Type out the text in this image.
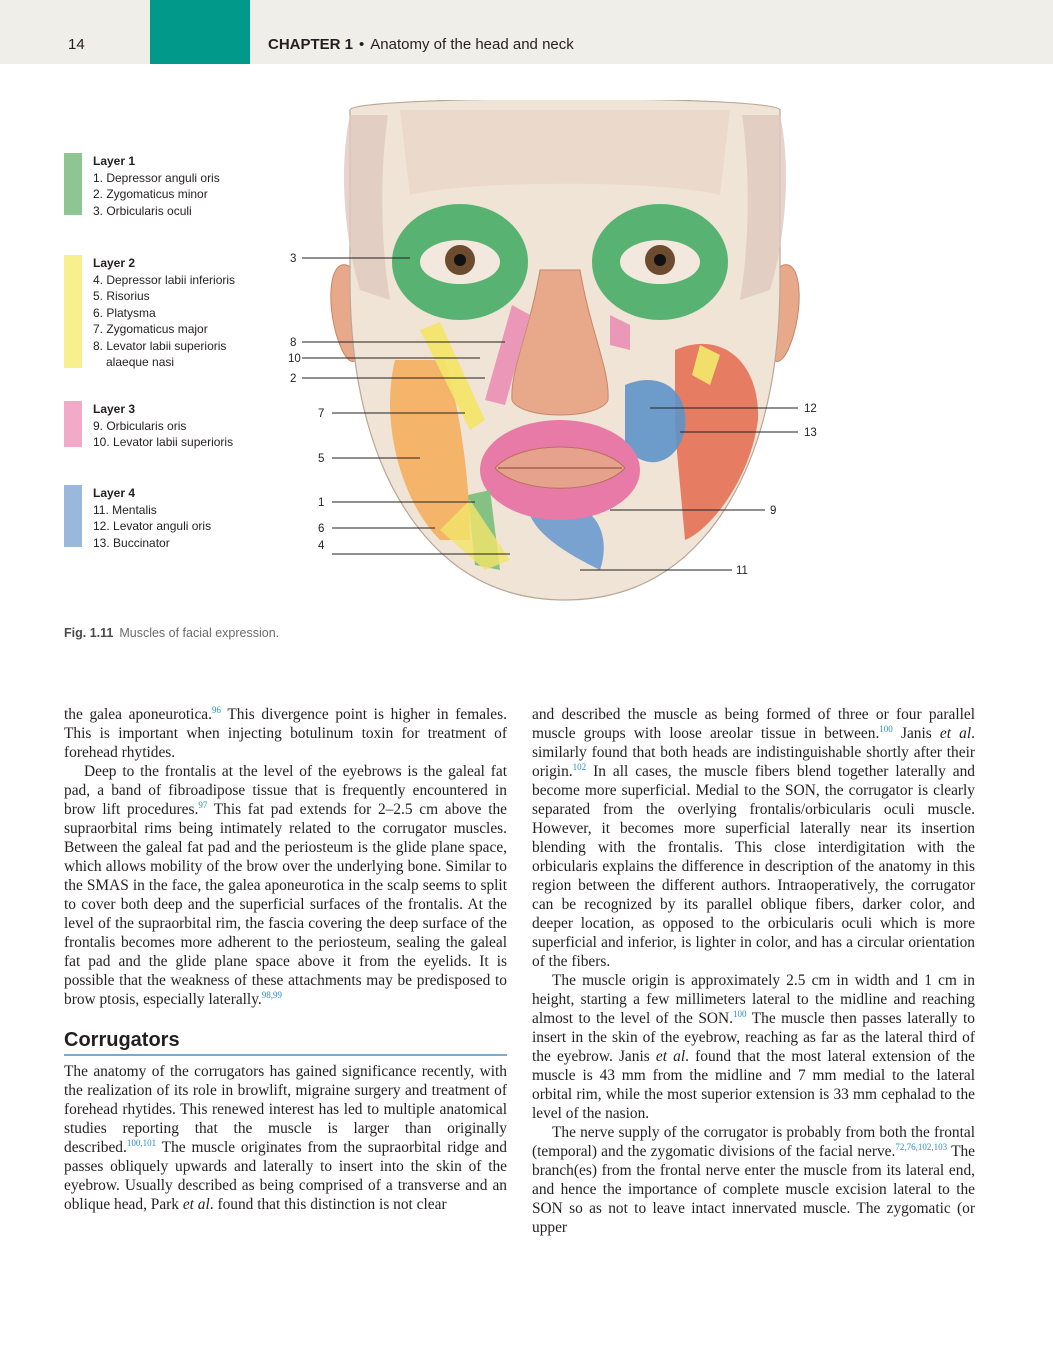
14	CHAPTER 1 • Anatomy of the head and neck
Layer 1
1. Depressor anguli oris
2. Zygomaticus minor
3. Orbicularis oculi
Layer 2
4. Depressor labii inferioris
5. Risorius
6. Platysma
7. Zygomaticus major
8. Levator labii superioris
alaeque nasi
Layer 3
9. Orbicularis oris
10. Levator labii superioris
Layer 4
11. Mentalis
12. Levator anguli oris
13. Buccinator
3
8
10
2
7
5
1
6
4
12
13
9
11
Fig. 1.11 Muscles of facial expression.

the galea aponeurotica.$^{96}$ This divergence point is higher in females. This is important when injecting botulinum toxin for treatment of forehead rhytides.

Deep to the frontalis at the level of the eyebrows is the galeal fat pad, a band of fibroadipose tissue that is frequently encountered in brow lift procedures.$^{97}$ This fat pad extends for 2–2.5 cm above the supraorbital rims being intimately related to the corrugator muscles. Between the galeal fat pad and the periosteum is the glide plane space, which allows mobility of the brow over the underlying bone. Similar to the SMAS in the face, the galea aponeurotica in the scalp seems to split to cover both deep and the superficial surfaces of the frontalis. At the level of the supraorbital rim, the fascia covering the deep surface of the frontalis becomes more adherent to the periosteum, sealing the galeal fat pad and the glide plane space above it from the eyelids. It is possible that the weakness of these attachments may be predisposed to brow ptosis, especially laterally.$^{98,99}$

Corrugators

The anatomy of the corrugators has gained significance recently, with the realization of its role in browlift, migraine surgery and treatment of forehead rhytides. This renewed interest has led to multiple anatomical studies reporting that the muscle is larger than originally described.$^{100,101}$ The muscle originates from the supraorbital ridge and passes obliquely upwards and laterally to insert into the skin of the eyebrow. Usually described as being comprised of a transverse and an oblique head, Park et al. found that this distinction is not clear

and described the muscle as being formed of three or four parallel muscle groups with loose areolar tissue in between.$^{100}$ Janis et al. similarly found that both heads are indistinguishable shortly after their origin.$^{102}$ In all cases, the muscle fibers blend together laterally and become more superficial. Medial to the SON, the corrugator is clearly separated from the overlying frontalis/orbicularis oculi muscle. However, it becomes more superficial laterally near its insertion blending with the frontalis. This close interdigitation with the orbicularis explains the difference in description of the anatomy in this region between the different authors. Intraoperatively, the corrugator can be recognized by its parallel oblique fibers, darker color, and deeper location, as opposed to the orbicularis oculi which is more superficial and inferior, is lighter in color, and has a circular orientation of the fibers.

The muscle origin is approximately 2.5 cm in width and 1 cm in height, starting a few millimeters lateral to the midline and reaching almost to the level of the SON.$^{100}$ The muscle then passes laterally to insert in the skin of the eyebrow, reaching as far as the lateral third of the eyebrow. Janis et al. found that the most lateral extension of the muscle is 43 mm from the midline and 7 mm medial to the lateral orbital rim, while the most superior extension is 33 mm cephalad to the level of the nasion.

The nerve supply of the corrugator is probably from both the frontal (temporal) and the zygomatic divisions of the facial nerve.$^{72,76,102,103}$ The branch(es) from the frontal nerve enter the muscle from its lateral end, and hence the importance of complete muscle excision lateral to the SON so as not to leave intact innervated muscle. The zygomatic (or upper
